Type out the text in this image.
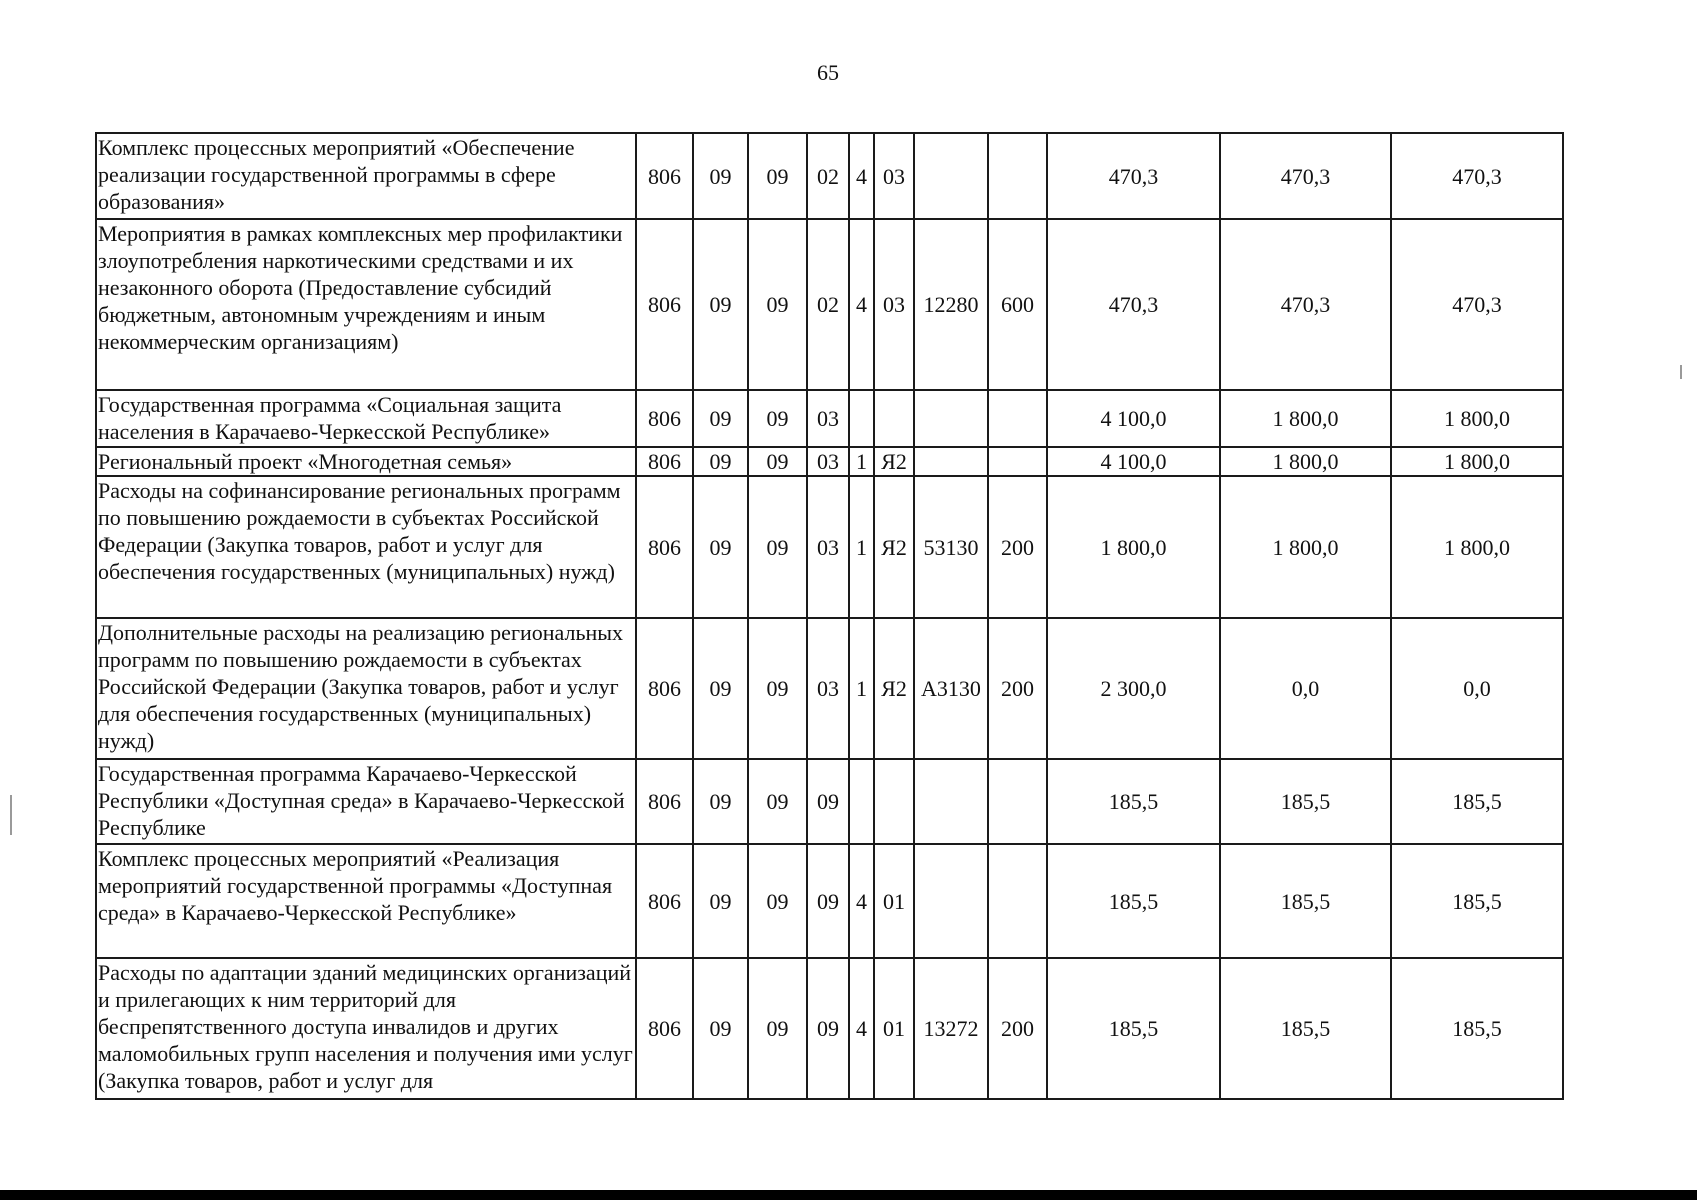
65
Комплекс процессных мероприятий «Обеспечение реализации государственной программы в сфере образования»	806	09	09	02	4	03			470,3	470,3	470,3
Мероприятия в рамках комплексных мер профилактики злоупотребления наркотическими средствами и их незаконного оборота (Предоставление субсидий бюджетным, автономным учреждениям и иным некоммерческим организациям)	806	09	09	02	4	03	12280	600	470,3	470,3	470,3
Государственная программа «Социальная защита населения в Карачаево-Черкесской Республике»	806	09	09	03					4 100,0	1 800,0	1 800,0
Региональный проект «Многодетная семья»	806	09	09	03	1	Я2			4 100,0	1 800,0	1 800,0
Расходы на софинансирование региональных программ по повышению рождаемости в субъектах Российской Федерации (Закупка товаров, работ и услуг для обеспечения государственных (муниципальных) нужд)	806	09	09	03	1	Я2	53130	200	1 800,0	1 800,0	1 800,0
Дополнительные расходы на реализацию региональных программ по повышению рождаемости в субъектах Российской Федерации (Закупка товаров, работ и услуг для обеспечения государственных (муниципальных) нужд)	806	09	09	03	1	Я2	А3130	200	2 300,0	0,0	0,0
Государственная программа Карачаево-Черкесской Республики «Доступная среда» в Карачаево-Черкесской Республике	806	09	09	09					185,5	185,5	185,5
Комплекс процессных мероприятий «Реализация мероприятий государственной программы «Доступная среда» в Карачаево-Черкесской Республике»	806	09	09	09	4	01			185,5	185,5	185,5
Расходы по адаптации зданий медицинских организаций и прилегающих к ним территорий для беспрепятственного доступа инвалидов и других маломобильных групп населения и получения ими услуг (Закупка товаров, работ и услуг для	806	09	09	09	4	01	13272	200	185,5	185,5	185,5
